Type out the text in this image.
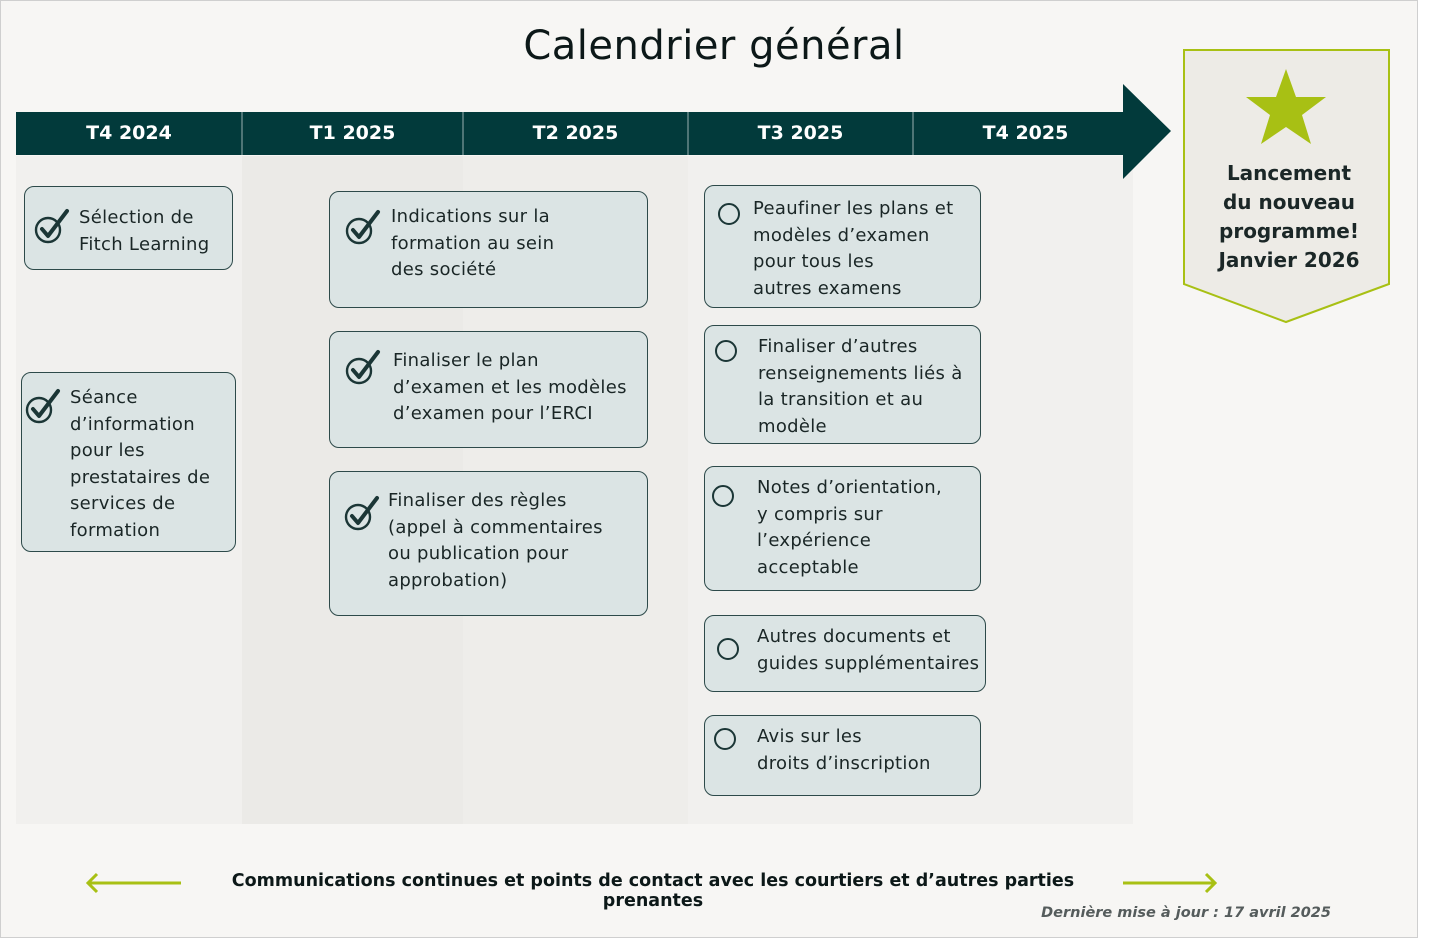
Calendrier général
T4 2024	T1 2025	T2 2025	T3 2025	T4 2025
Sélection de
Fitch Learning
Séance
d’information
pour les
prestataires de
services de
formation
Indications sur la
formation au sein
des société
Finaliser le plan
d’examen et les modèles
d’examen pour l’ERCI
Finaliser des règles
(appel à commentaires
ou publication pour
approbation)
Peaufiner les plans et
modèles d’examen
pour tous les
autres examens
Finaliser d’autres
renseignements liés à
la transition et au
modèle
Notes d’orientation,
y compris sur
l’expérience
acceptable
Autres documents et
guides supplémentaires
Avis sur les
droits d’inscription
Lancement
du nouveau
programme!
Janvier 2026
Communications continues et points de contact avec les courtiers et d’autres parties prenantes
Dernière mise à jour : 17 avril 2025
